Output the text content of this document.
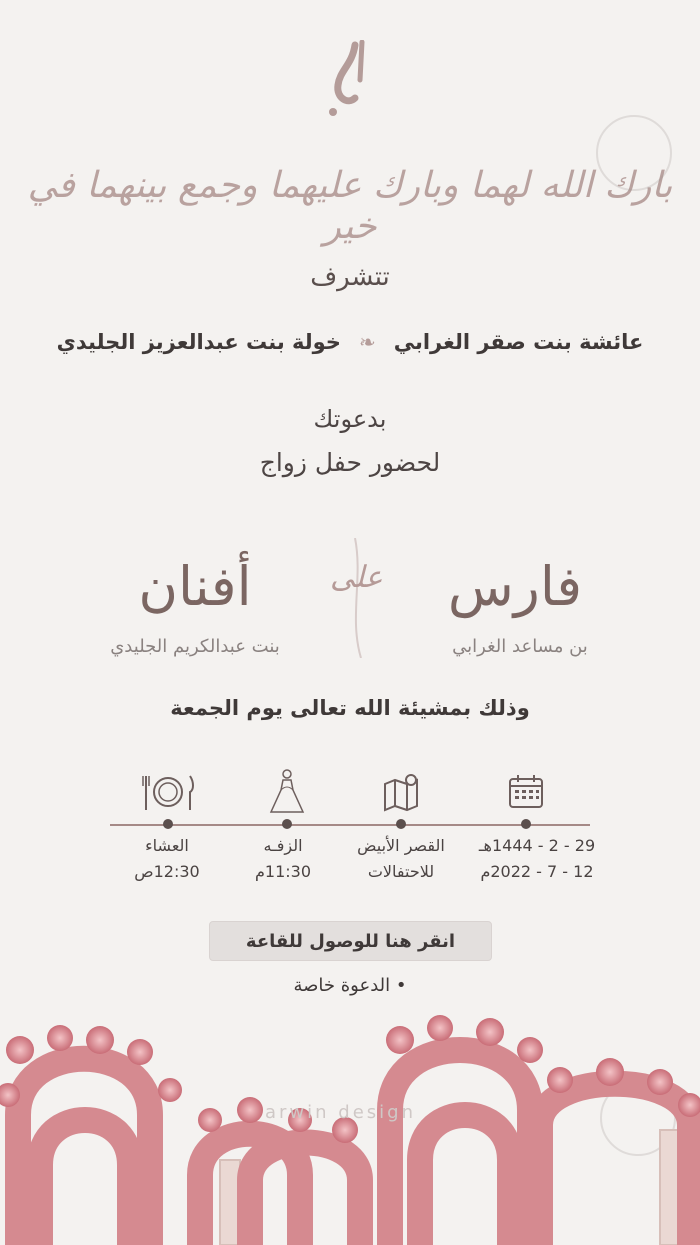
بارك الله لهما وبارك عليهما وجمع بينهما في خير
تتشرف
عائشة بنت صقر الغرابي
❧
خولة بنت عبدالعزيز الجليدي
بدعوتك
لحضور حفل زواج
فارس
بن مساعد الغرابي
على
أفنان
بنت عبدالكريم الجليدي
وذلك بمشيئة الله تعالى يوم الجمعة
29 - 2 - 1444هـ
12 - 7 - 2022م
القصر الأبيض
للاحتفالات
الزفـه
11:30م
العشاء
12:30ص
انقر هنا للوصول للقاعة
• الدعوة خاصة
arwin design
